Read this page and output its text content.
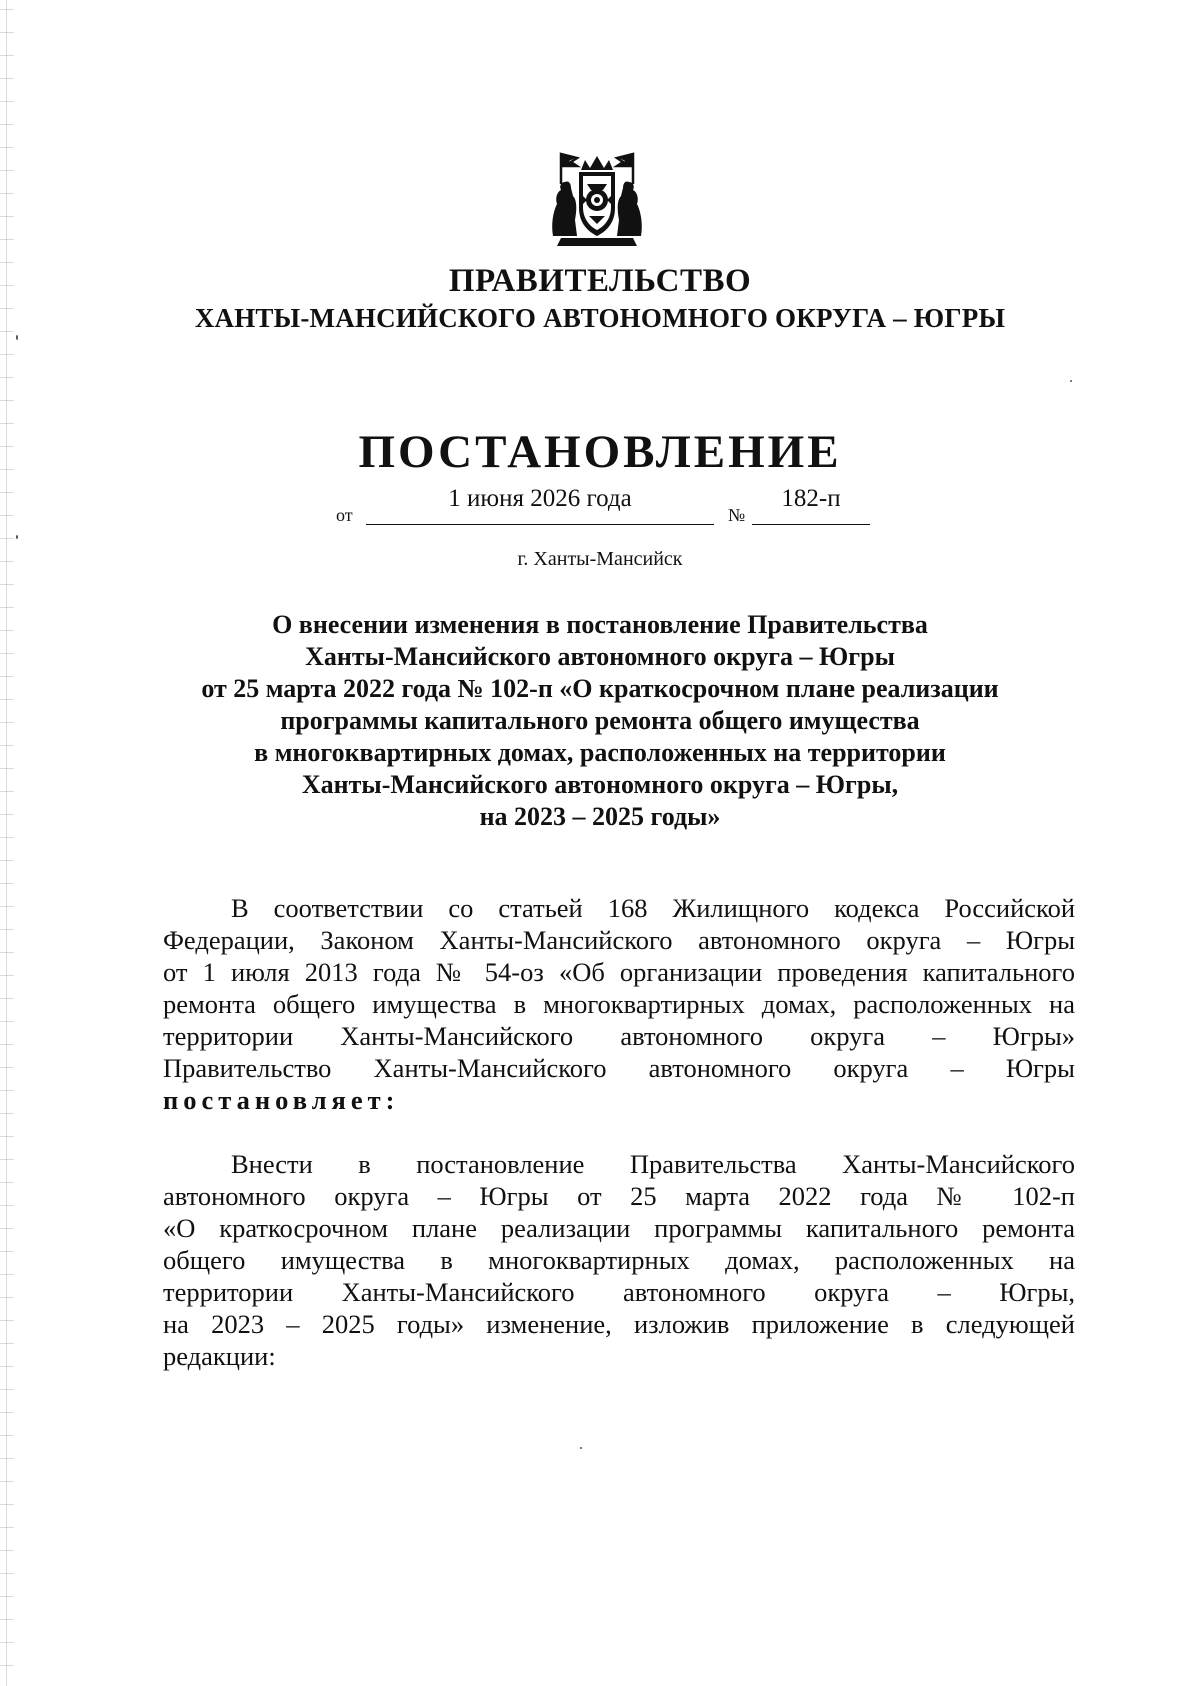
ПРАВИТЕЛЬСТВО
ХАНТЫ-МАНСИЙСКОГО АВТОНОМНОГО ОКРУГА – ЮГРЫ
ПОСТАНОВЛЕНИЕ
от
1 июня 2026 года
№
182-п
г. Ханты-Мансийск
О внесении изменения в постановление Правительства
Ханты-Мансийского автономного округа – Югры
от 25 марта 2022 года № 102-п «О краткосрочном плане реализации
программы капитального ремонта общего имущества
в многоквартирных домах, расположенных на территории
Ханты-Мансийского автономного округа – Югры,
на 2023 – 2025 годы»
В соответствии со статьей 168 Жилищного кодекса Российской
Федерации, Законом Ханты-Мансийского автономного округа – Югры
от 1 июля 2013 года № 54-оз «Об организации проведения капитального
ремонта общего имущества в многоквартирных домах, расположенных на
территории Ханты-Мансийского автономного округа – Югры»
Правительство Ханты-Мансийского автономного округа – Югры
постановляет:
Внести в постановление Правительства Ханты-Мансийского
автономного округа – Югры от 25 марта 2022 года № 102-п
«О краткосрочном плане реализации программы капитального ремонта
общего имущества в многоквартирных домах, расположенных на
территории Ханты-Мансийского автономного округа – Югры,
на 2023 – 2025 годы» изменение, изложив приложение в следующей
редакции:
